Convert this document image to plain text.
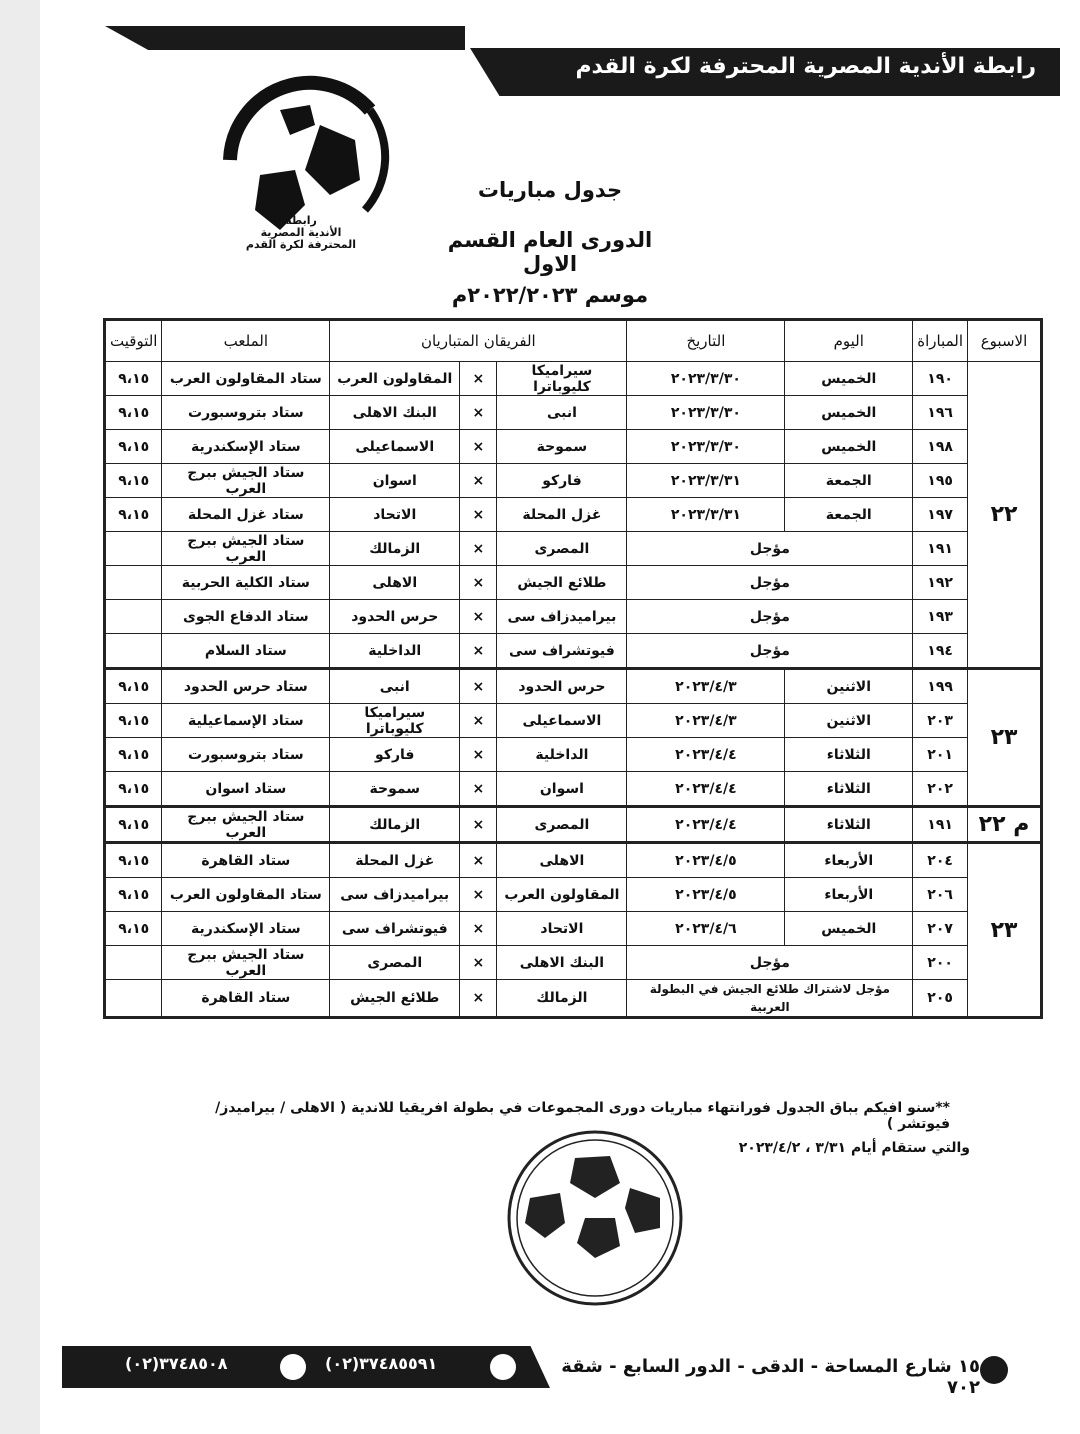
رابطة الأندية المصرية المحترفة لكرة القدم
رابطة
الأندية المصرية
المحترفة لكرة القدم
جدول مباريات
الدورى العام القسم الاول
موسم ٢٠٢٢/٢٠٢٣م
الاسبوع	المباراة	اليوم	التاريخ	الفريقان المتباريان			الملعب	التوقيت
٢٢	١٩٠	الخميس	٢٠٢٣/٣/٣٠	سيراميكا كليوباترا	×	المقاولون العرب	ستاد المقاولون العرب	٩،١٥
	١٩٦	الخميس	٢٠٢٣/٣/٣٠	انبى	×	البنك الاهلى	ستاد بتروسبورت	٩،١٥
	١٩٨	الخميس	٢٠٢٣/٣/٣٠	سموحة	×	الاسماعيلى	ستاد الإسكندرية	٩،١٥
	١٩٥	الجمعة	٢٠٢٣/٣/٣١	فاركو	×	اسوان	ستاد الجيش ببرج العرب	٩،١٥
	١٩٧	الجمعة	٢٠٢٣/٣/٣١	غزل المحلة	×	الاتحاد	ستاد غزل المحلة	٩،١٥
	١٩١	مؤجل		المصرى	×	الزمالك	ستاد الجيش ببرج العرب	
	١٩٢	مؤجل		طلائع الجيش	×	الاهلى	ستاد الكلية الحربية	
	١٩٣	مؤجل		بيراميدزاف سى	×	حرس الحدود	ستاد الدفاع الجوى	
	١٩٤	مؤجل		فيوتشراف سى	×	الداخلية	ستاد السلام	
٢٣	١٩٩	الاثنين	٢٠٢٣/٤/٣	حرس الحدود	×	انبى	ستاد حرس الحدود	٩،١٥
	٢٠٣	الاثنين	٢٠٢٣/٤/٣	الاسماعيلى	×	سيراميكا كليوباترا	ستاد الإسماعيلية	٩،١٥
	٢٠١	الثلاثاء	٢٠٢٣/٤/٤	الداخلية	×	فاركو	ستاد بتروسبورت	٩،١٥
	٢٠٢	الثلاثاء	٢٠٢٣/٤/٤	اسوان	×	سموحة	ستاد اسوان	٩،١٥
م ٢٢	١٩١	الثلاثاء	٢٠٢٣/٤/٤	المصرى	×	الزمالك	ستاد الجيش ببرج العرب	٩،١٥
٢٣	٢٠٤	الأربعاء	٢٠٢٣/٤/٥	الاهلى	×	غزل المحلة	ستاد القاهرة	٩،١٥
	٢٠٦	الأربعاء	٢٠٢٣/٤/٥	المقاولون العرب	×	بيراميدزاف سى	ستاد المقاولون العرب	٩،١٥
	٢٠٧	الخميس	٢٠٢٣/٤/٦	الاتحاد	×	فيوتشراف سى	ستاد الإسكندرية	٩،١٥
	٢٠٠	مؤجل		البنك الاهلى	×	المصرى	ستاد الجيش ببرج العرب	
	٢٠٥	مؤجل لاشتراك طلائع الجيش في البطولة العربية		الزمالك	×	طلائع الجيش	ستاد القاهرة	
**سنو افيكم بباق الجدول فورانتهاء مباريات دورى المجموعات في بطولة افريقيا للاندية ( الاهلى / بيراميدز/ فيوتشر )
والتي ستقام أيام ٣/٣١ ، ٢٠٢٣/٤/٢
(٠٢)٣٧٤٨٥٥٩١
(٠٢)٣٧٤٨٥٠٨	١٥ شارع المساحة - الدقى - الدور السابع - شقة ٧٠٢
